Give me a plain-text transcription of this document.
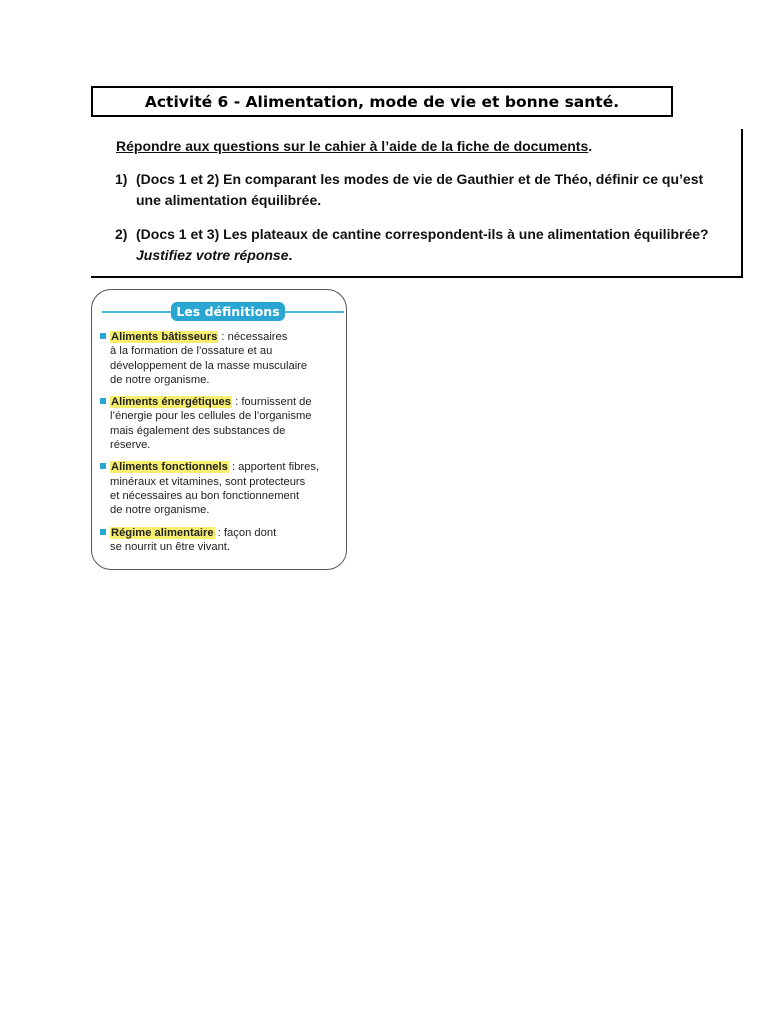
Activité 6 - Alimentation, mode de vie et bonne santé.
Répondre aux questions sur le cahier à l’aide de la fiche de documents.
1) (Docs 1 et 2) En comparant les modes de vie de Gauthier et de Théo, définir ce qu’est
une alimentation équilibrée.
2) (Docs 1 et 3) Les plateaux de cantine correspondent-ils à une alimentation équilibrée?
Justifiez votre réponse.
Les définitions
Aliments bâtisseurs : nécessaires
à la formation de l’ossature et au
développement de la masse musculaire
de notre organisme.
Aliments énergétiques : fournissent de
l’énergie pour les cellules de l’organisme
mais également des substances de
réserve.
Aliments fonctionnels : apportent fibres,
minéraux et vitamines, sont protecteurs
et nécessaires au bon fonctionnement
de notre organisme.
Régime alimentaire : façon dont
se nourrit un être vivant.
